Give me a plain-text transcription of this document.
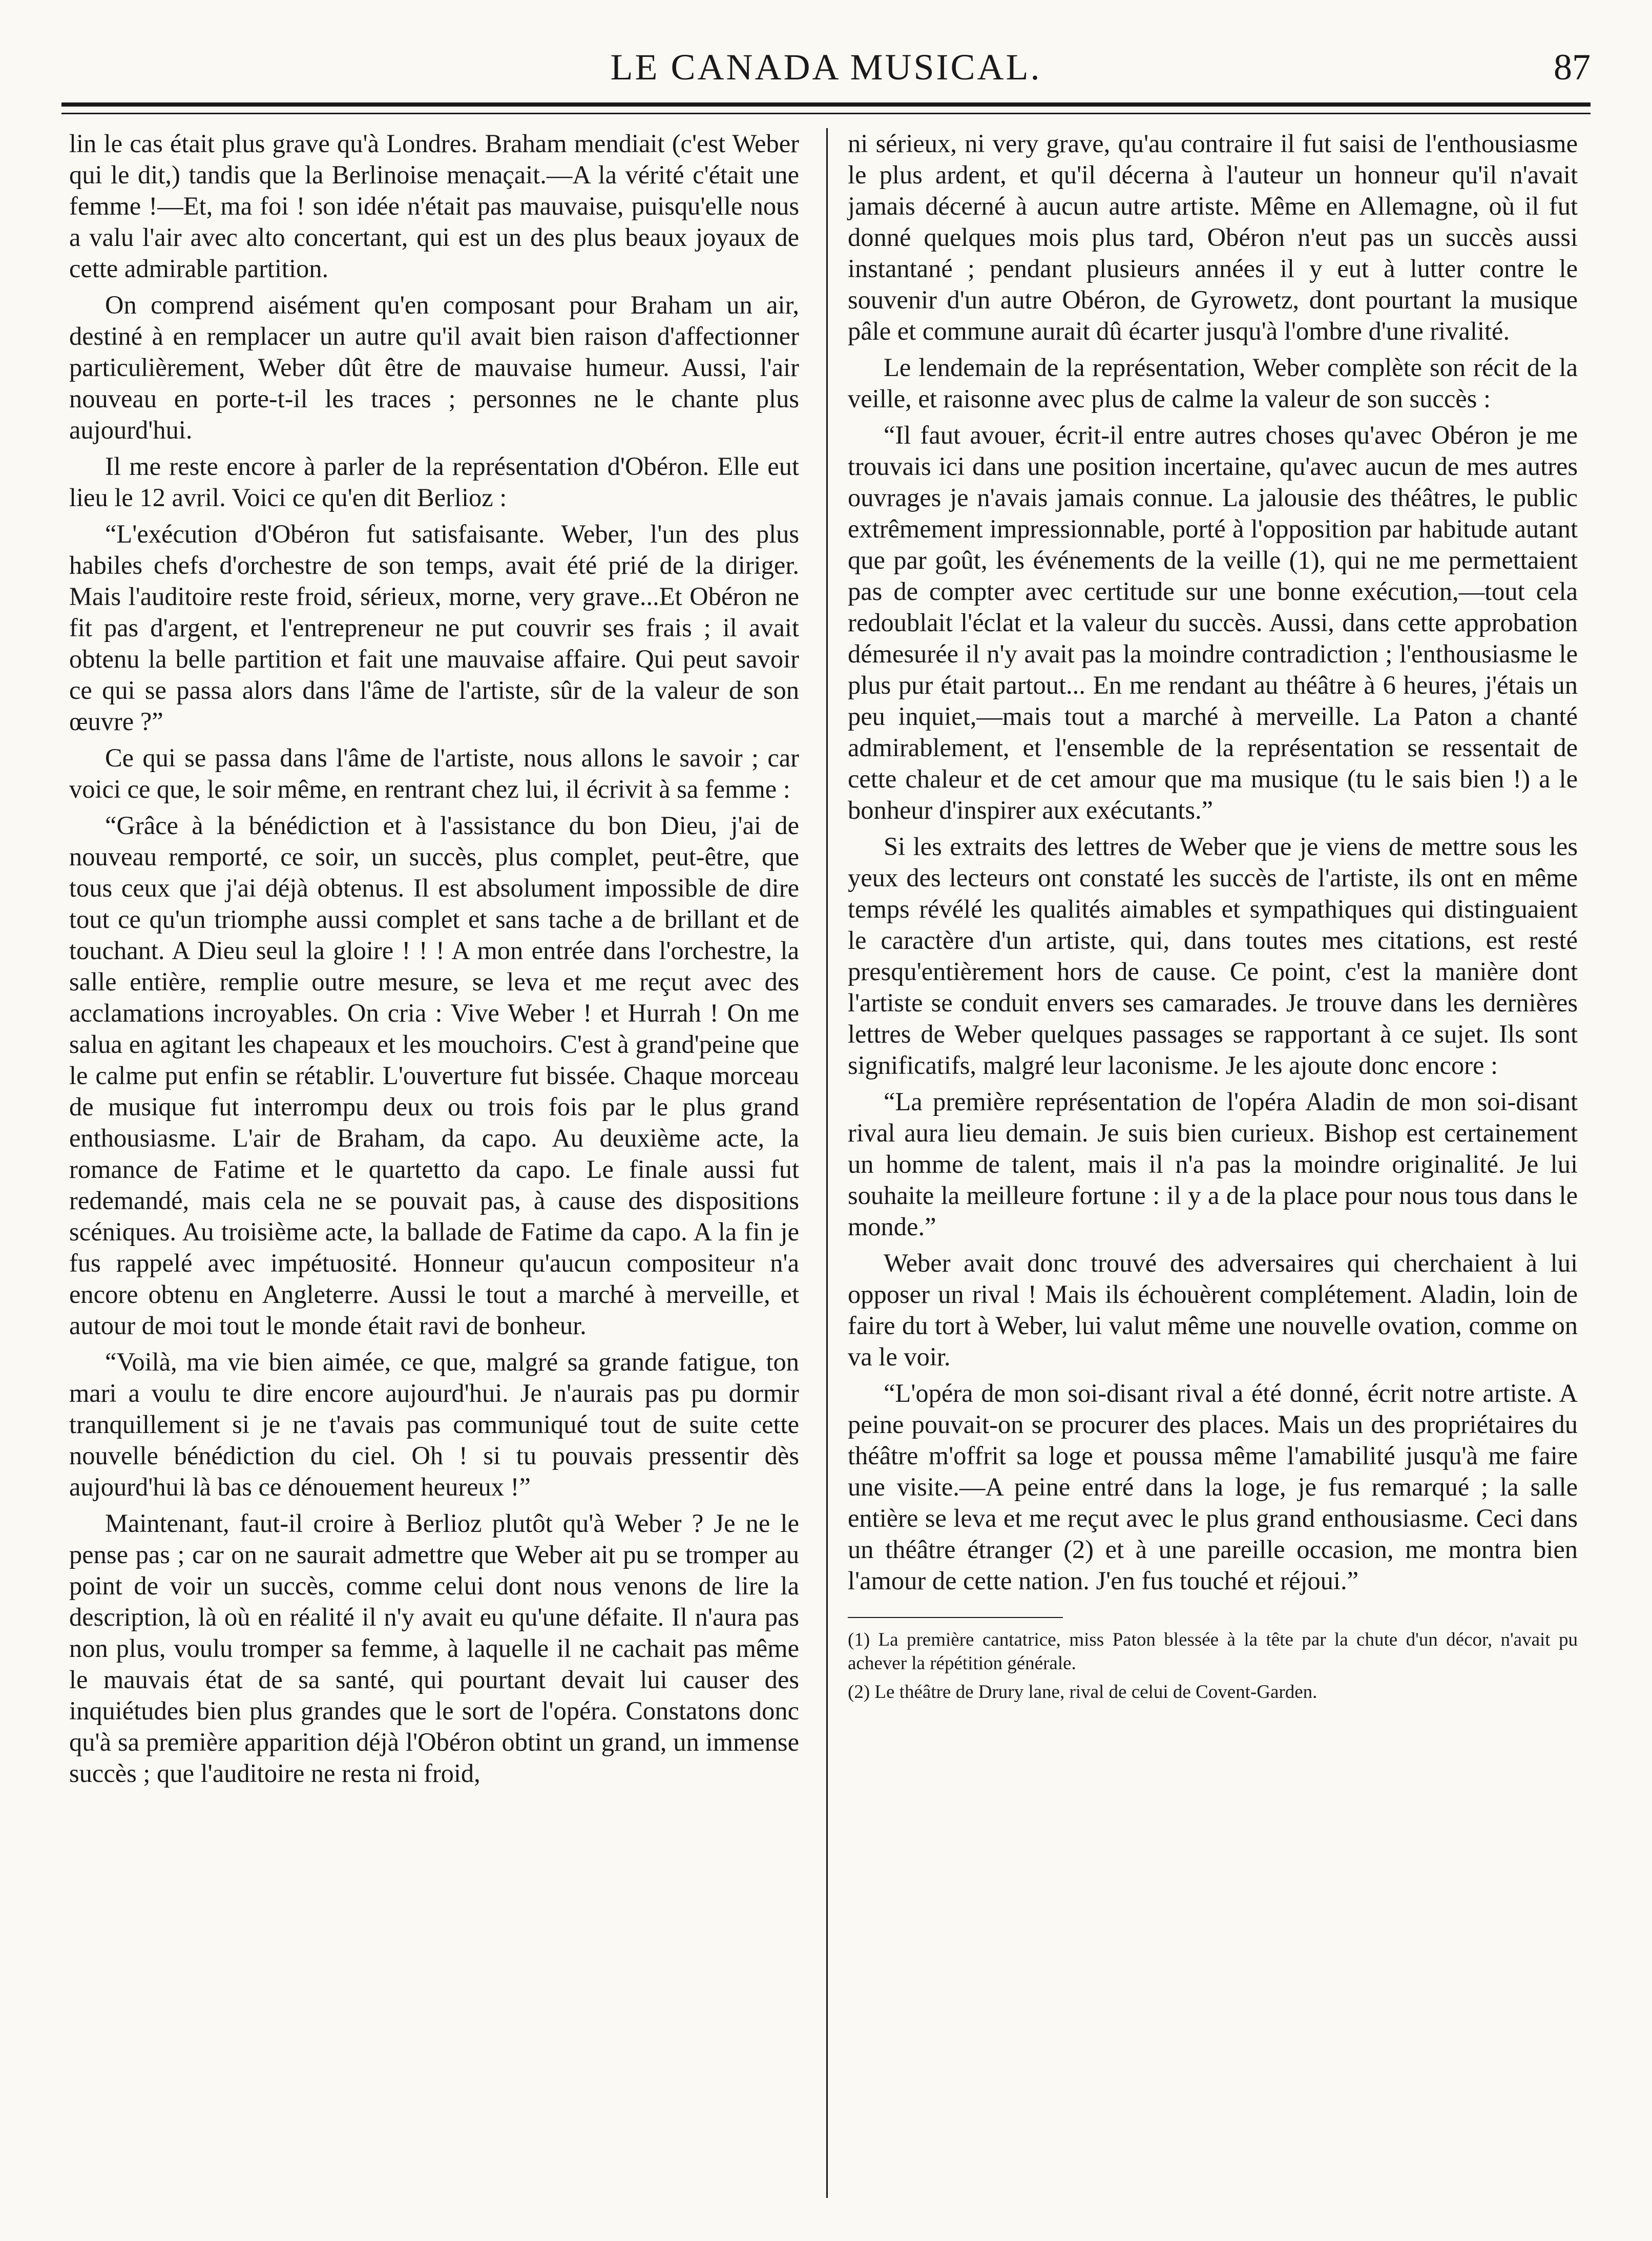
LE CANADA MUSICAL.	87

lin le cas était plus grave qu'à Londres. Braham mendiait (c'est Weber qui le dit,) tandis que la Berlinoise menaçait.—A la vérité c'était une femme !—Et, ma foi ! son idée n'était pas mauvaise, puisqu'elle nous a valu l'air avec alto concertant, qui est un des plus beaux joyaux de cette admirable partition.

On comprend aisément qu'en composant pour Braham un air, destiné à en remplacer un autre qu'il avait bien raison d'affectionner particulièrement, Weber dût être de mauvaise humeur. Aussi, l'air nouveau en porte-t-il les traces ; personnes ne le chante plus aujourd'hui.

Il me reste encore à parler de la représentation d'Obéron. Elle eut lieu le 12 avril. Voici ce qu'en dit Berlioz :

“L'exécution d'Obéron fut satisfaisante. Weber, l'un des plus habiles chefs d'orchestre de son temps, avait été prié de la diriger. Mais l'auditoire reste froid, sérieux, morne, very grave...Et Obéron ne fit pas d'argent, et l'entrepreneur ne put couvrir ses frais ; il avait obtenu la belle partition et fait une mauvaise affaire. Qui peut savoir ce qui se passa alors dans l'âme de l'artiste, sûr de la valeur de son œuvre ?”

Ce qui se passa dans l'âme de l'artiste, nous allons le savoir ; car voici ce que, le soir même, en rentrant chez lui, il écrivit à sa femme :

“Grâce à la bénédiction et à l'assistance du bon Dieu, j'ai de nouveau remporté, ce soir, un succès, plus complet, peut-être, que tous ceux que j'ai déjà obtenus. Il est absolument impossible de dire tout ce qu'un triomphe aussi complet et sans tache a de brillant et de touchant. A Dieu seul la gloire ! ! ! A mon entrée dans l'orchestre, la salle entière, remplie outre mesure, se leva et me reçut avec des acclamations incroyables. On cria : Vive Weber ! et Hurrah ! On me salua en agitant les chapeaux et les mouchoirs. C'est à grand'peine que le calme put enfin se rétablir. L'ouverture fut bissée. Chaque morceau de musique fut interrompu deux ou trois fois par le plus grand enthousiasme. L'air de Braham, da capo. Au deuxième acte, la romance de Fatime et le quartetto da capo. Le finale aussi fut redemandé, mais cela ne se pouvait pas, à cause des dispositions scéniques. Au troisième acte, la ballade de Fatime da capo. A la fin je fus rappelé avec impétuosité. Honneur qu'aucun compositeur n'a encore obtenu en Angleterre. Aussi le tout a marché à merveille, et autour de moi tout le monde était ravi de bonheur.

“Voilà, ma vie bien aimée, ce que, malgré sa grande fatigue, ton mari a voulu te dire encore aujourd'hui. Je n'aurais pas pu dormir tranquillement si je ne t'avais pas communiqué tout de suite cette nouvelle bénédiction du ciel. Oh ! si tu pouvais pressentir dès aujourd'hui là bas ce dénouement heureux !”

Maintenant, faut-il croire à Berlioz plutôt qu'à Weber ? Je ne le pense pas ; car on ne saurait admettre que Weber ait pu se tromper au point de voir un succès, comme celui dont nous venons de lire la description, là où en réalité il n'y avait eu qu'une défaite. Il n'aura pas non plus, voulu tromper sa femme, à laquelle il ne cachait pas même le mauvais état de sa santé, qui pourtant devait lui causer des inquiétudes bien plus grandes que le sort de l'opéra. Constatons donc qu'à sa première apparition déjà l'Obéron obtint un grand, un immense succès ; que l'auditoire ne resta ni froid,

ni sérieux, ni very grave, qu'au contraire il fut saisi de l'enthousiasme le plus ardent, et qu'il décerna à l'auteur un honneur qu'il n'avait jamais décerné à aucun autre artiste. Même en Allemagne, où il fut donné quelques mois plus tard, Obéron n'eut pas un succès aussi instantané ; pendant plusieurs années il y eut à lutter contre le souvenir d'un autre Obéron, de Gyrowetz, dont pourtant la musique pâle et commune aurait dû écarter jusqu'à l'ombre d'une rivalité.

Le lendemain de la représentation, Weber complète son récit de la veille, et raisonne avec plus de calme la valeur de son succès :

“Il faut avouer, écrit-il entre autres choses qu'avec Obéron je me trouvais ici dans une position incertaine, qu'avec aucun de mes autres ouvrages je n'avais jamais connue. La jalousie des théâtres, le public extrêmement impressionnable, porté à l'opposition par habitude autant que par goût, les événements de la veille (1), qui ne me permettaient pas de compter avec certitude sur une bonne exécution,—tout cela redoublait l'éclat et la valeur du succès. Aussi, dans cette approbation démesurée il n'y avait pas la moindre contradiction ; l'enthousiasme le plus pur était partout... En me rendant au théâtre à 6 heures, j'étais un peu inquiet,—mais tout a marché à merveille. La Paton a chanté admirablement, et l'ensemble de la représentation se ressentait de cette chaleur et de cet amour que ma musique (tu le sais bien !) a le bonheur d'inspirer aux exécutants.”

Si les extraits des lettres de Weber que je viens de mettre sous les yeux des lecteurs ont constaté les succès de l'artiste, ils ont en même temps révélé les qualités aimables et sympathiques qui distinguaient le caractère d'un artiste, qui, dans toutes mes citations, est resté presqu'entièrement hors de cause. Ce point, c'est la manière dont l'artiste se conduit envers ses camarades. Je trouve dans les dernières lettres de Weber quelques passages se rapportant à ce sujet. Ils sont significatifs, malgré leur laconisme. Je les ajoute donc encore :

“La première représentation de l'opéra Aladin de mon soi-disant rival aura lieu demain. Je suis bien curieux. Bishop est certainement un homme de talent, mais il n'a pas la moindre originalité. Je lui souhaite la meilleure fortune : il y a de la place pour nous tous dans le monde.”

Weber avait donc trouvé des adversaires qui cherchaient à lui opposer un rival ! Mais ils échouèrent complétement. Aladin, loin de faire du tort à Weber, lui valut même une nouvelle ovation, comme on va le voir.

“L'opéra de mon soi-disant rival a été donné, écrit notre artiste. A peine pouvait-on se procurer des places. Mais un des propriétaires du théâtre m'offrit sa loge et poussa même l'amabilité jusqu'à me faire une visite.—A peine entré dans la loge, je fus remarqué ; la salle entière se leva et me reçut avec le plus grand enthousiasme. Ceci dans un théâtre étranger (2) et à une pareille occasion, me montra bien l'amour de cette nation. J'en fus touché et réjoui.”

(1) La première cantatrice, miss Paton blessée à la tête par la chute d'un décor, n'avait pu achever la répétition générale.

(2) Le théâtre de Drury lane, rival de celui de Covent-Garden.
